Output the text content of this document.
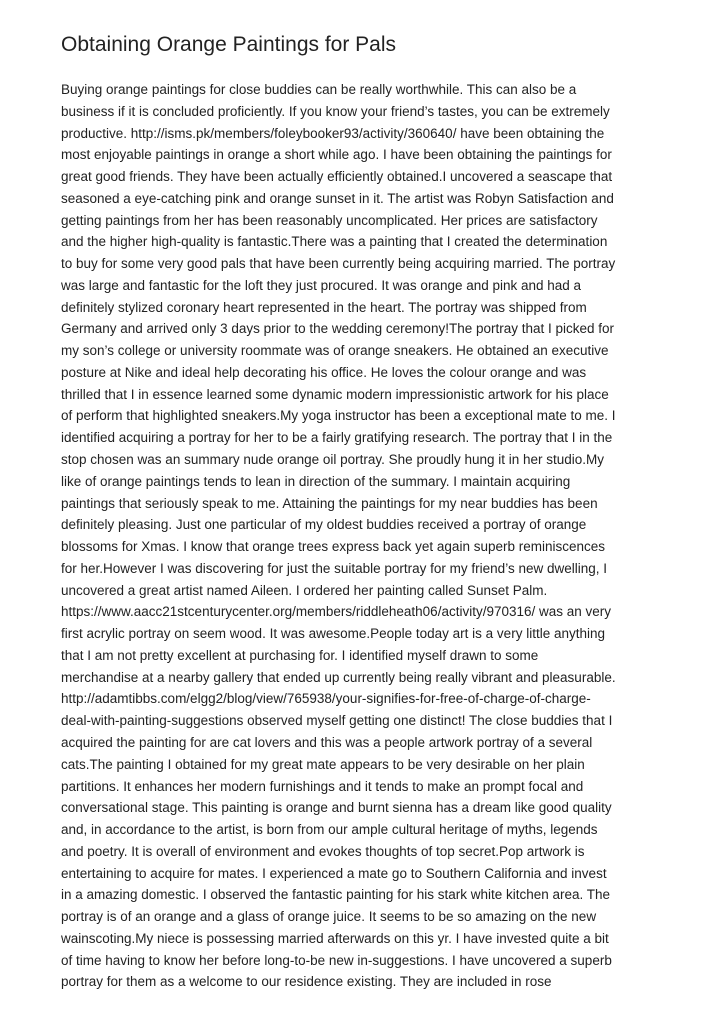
Obtaining Orange Paintings for Pals
Buying orange paintings for close buddies can be really worthwhile. This can also be a
business if it is concluded proficiently. If you know your friend’s tastes, you can be extremely
productive. http://isms.pk/members/foleybooker93/activity/360640/ have been obtaining the
most enjoyable paintings in orange a short while ago. I have been obtaining the paintings for
great good friends. They have been actually efficiently obtained.I uncovered a seascape that
seasoned a eye-catching pink and orange sunset in it. The artist was Robyn Satisfaction and
getting paintings from her has been reasonably uncomplicated. Her prices are satisfactory
and the higher high-quality is fantastic.There was a painting that I created the determination
to buy for some very good pals that have been currently being acquiring married. The portray
was large and fantastic for the loft they just procured. It was orange and pink and had a
definitely stylized coronary heart represented in the heart. The portray was shipped from
Germany and arrived only 3 days prior to the wedding ceremony!The portray that I picked for
my son’s college or university roommate was of orange sneakers. He obtained an executive
posture at Nike and ideal help decorating his office. He loves the colour orange and was
thrilled that I in essence learned some dynamic modern impressionistic artwork for his place
of perform that highlighted sneakers.My yoga instructor has been a exceptional mate to me. I
identified acquiring a portray for her to be a fairly gratifying research. The portray that I in the
stop chosen was an summary nude orange oil portray. She proudly hung it in her studio.My
like of orange paintings tends to lean in direction of the summary. I maintain acquiring
paintings that seriously speak to me. Attaining the paintings for my near buddies has been
definitely pleasing. Just one particular of my oldest buddies received a portray of orange
blossoms for Xmas. I know that orange trees express back yet again superb reminiscences
for her.However I was discovering for just the suitable portray for my friend’s new dwelling, I
uncovered a great artist named Aileen. I ordered her painting called Sunset Palm.
https://www.aacc21stcenturycenter.org/members/riddleheath06/activity/970316/ was an very
first acrylic portray on seem wood. It was awesome.People today art is a very little anything
that I am not pretty excellent at purchasing for. I identified myself drawn to some
merchandise at a nearby gallery that ended up currently being really vibrant and pleasurable.
http://adamtibbs.com/elgg2/blog/view/765938/your-signifies-for-free-of-charge-of-charge-
deal-with-painting-suggestions observed myself getting one distinct! The close buddies that I
acquired the painting for are cat lovers and this was a people artwork portray of a several
cats.The painting I obtained for my great mate appears to be very desirable on her plain
partitions. It enhances her modern furnishings and it tends to make an prompt focal and
conversational stage. This painting is orange and burnt sienna has a dream like good quality
and, in accordance to the artist, is born from our ample cultural heritage of myths, legends
and poetry. It is overall of environment and evokes thoughts of top secret.Pop artwork is
entertaining to acquire for mates. I experienced a mate go to Southern California and invest
in a amazing domestic. I observed the fantastic painting for his stark white kitchen area. The
portray is of an orange and a glass of orange juice. It seems to be so amazing on the new
wainscoting.My niece is possessing married afterwards on this yr. I have invested quite a bit
of time having to know her before long-to-be new in-suggestions. I have uncovered a superb
portray for them as a welcome to our residence existing. They are included in rose
